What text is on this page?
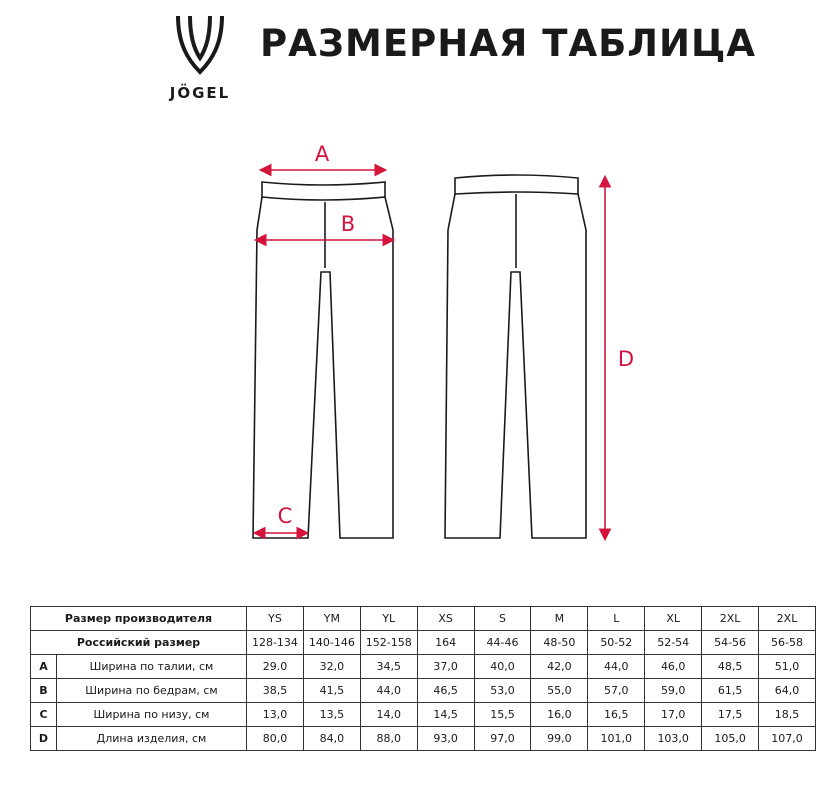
JÖGEL
РАЗМЕРНАЯ ТАБЛИЦА
A
B
C
D
Размер производителя		YS	YM	YL	XS	S	M	L	XL	2XL	2XL
Российский размер		128-134	140-146	152-158	164	44-46	48-50	50-52	52-54	54-56	56-58
A	Ширина по талии, см	29.0	32,0	34,5	37,0	40,0	42,0	44,0	46,0	48,5	51,0
B	Ширина по бедрам, см	38,5	41,5	44,0	46,5	53,0	55,0	57,0	59,0	61,5	64,0
C	Ширина по низу, см	13,0	13,5	14,0	14,5	15,5	16,0	16,5	17,0	17,5	18,5
D	Длина изделия, см	80,0	84,0	88,0	93,0	97,0	99,0	101,0	103,0	105,0	107,0
